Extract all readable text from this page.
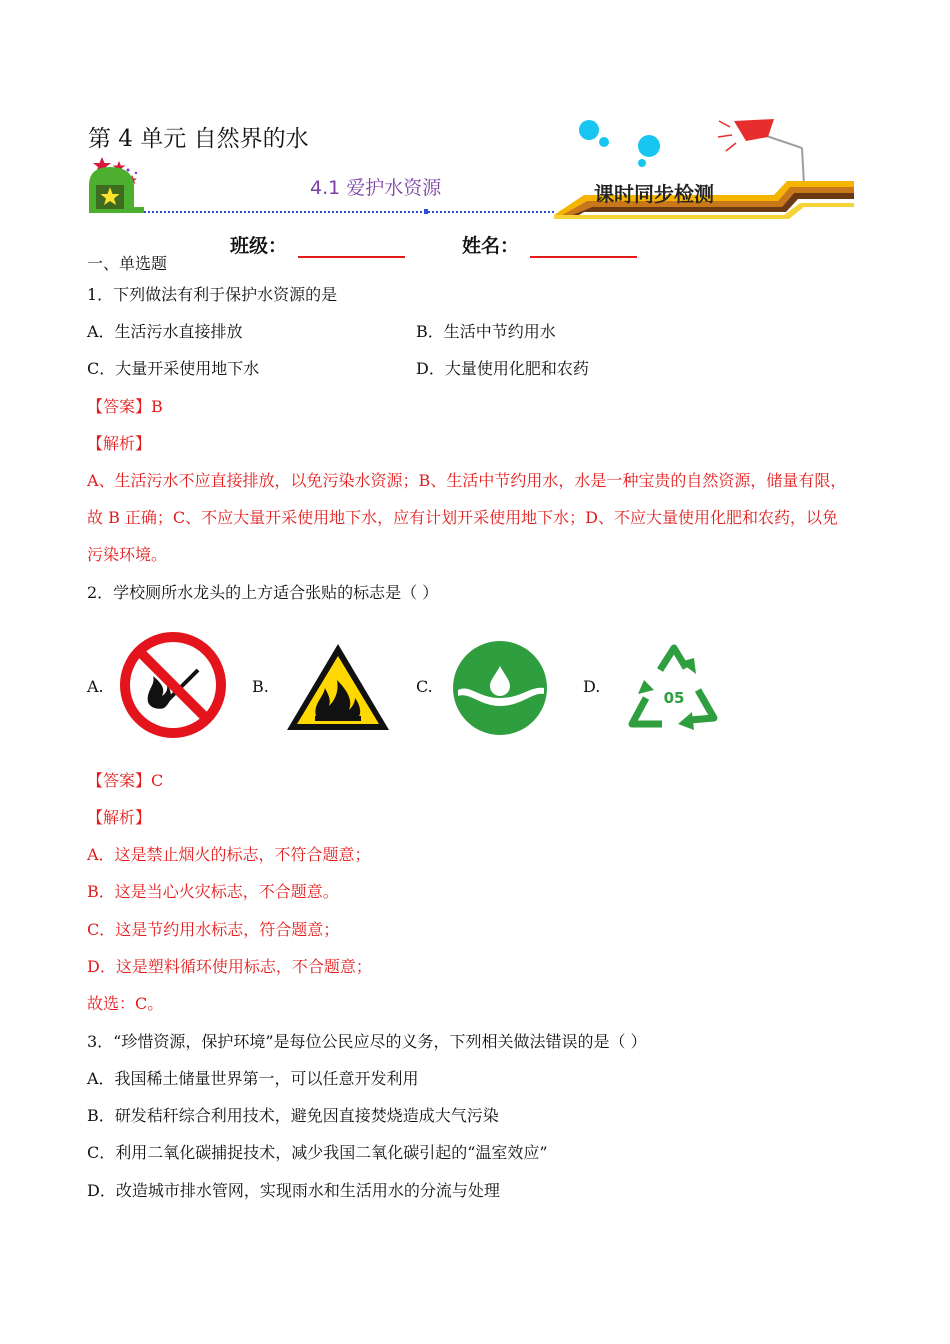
第 4 单元 自然界的水
4.1 爱护水资源	课时同步检测
班级：	姓名：
一、单选题
1．下列做法有利于保护水资源的是
A．生活污水直接排放	B．生活中节约用水
C．大量开采使用地下水	D．大量使用化肥和农药
【答案】B
【解析】
A、生活污水不应直接排放，以免污染水资源；B、生活中节约用水，水是一种宝贵的自然资源，储量有限，
故 B 正确；C、不应大量开采使用地下水，应有计划开采使用地下水；D、不应大量使用化肥和农药，以免
污染环境。
2．学校厕所水龙头的上方适合张贴的标志是（ ）
A.	B.	C.	D.
05
【答案】C
【解析】
A．这是禁止烟火的标志，不符合题意；
B．这是当心火灾标志，不合题意。
C．这是节约用水标志，符合题意；
D．这是塑料循环使用标志，不合题意；
故选：C。
3．“珍惜资源，保护环境”是每位公民应尽的义务，下列相关做法错误的是（ ）
A．我国稀土储量世界第一，可以任意开发利用
B．研发秸秆综合利用技术，避免因直接焚烧造成大气污染
C．利用二氧化碳捕捉技术，减少我国二氧化碳引起的“温室效应”
D．改造城市排水管网，实现雨水和生活用水的分流与处理
